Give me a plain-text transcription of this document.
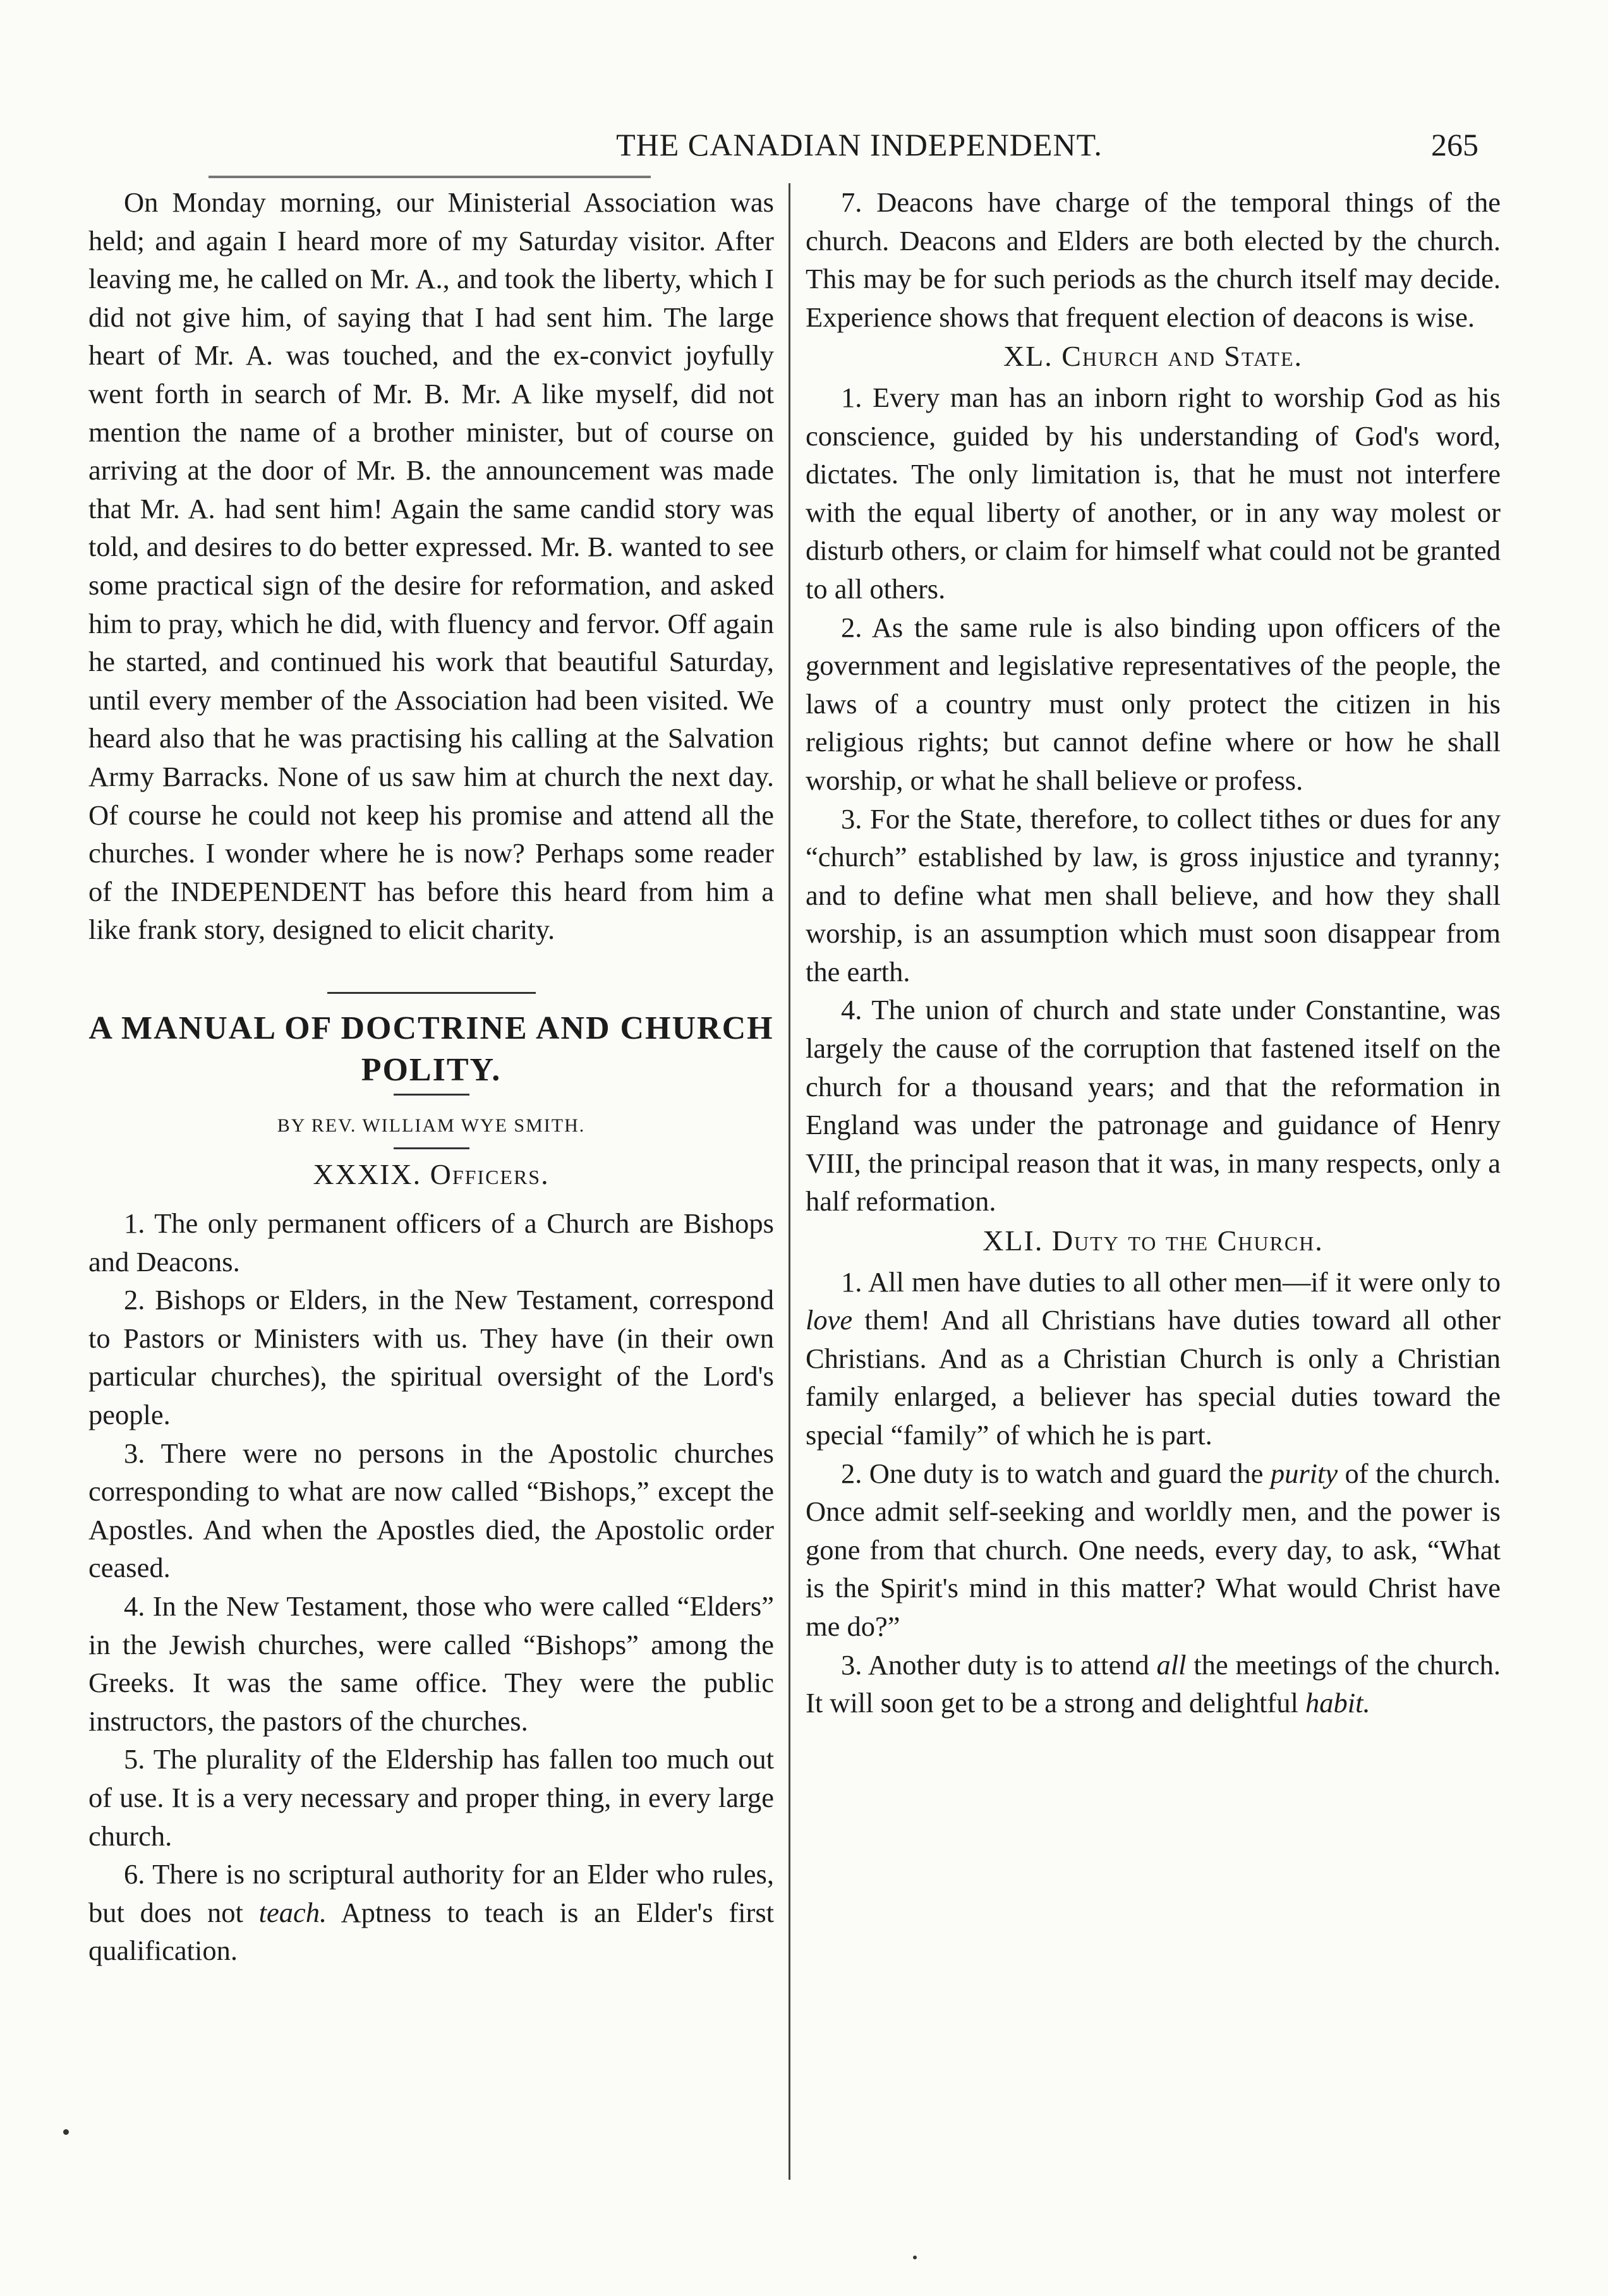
THE CANADIAN INDEPENDENT.	265

On Monday morning, our Ministerial Association was held; and again I heard more of my Saturday visitor. After leaving me, he called on Mr. A., and took the liberty, which I did not give him, of saying that I had sent him. The large heart of Mr. A. was touched, and the ex-convict joyfully went forth in search of Mr. B. Mr. A like myself, did not mention the name of a brother minister, but of course on arriving at the door of Mr. B. the announcement was made that Mr. A. had sent him! Again the same candid story was told, and desires to do better expressed. Mr. B. wanted to see some practical sign of the desire for reformation, and asked him to pray, which he did, with fluency and fervor. Off again he started, and continued his work that beautiful Saturday, until every member of the Association had been visited. We heard also that he was practising his calling at the Salvation Army Barracks. None of us saw him at church the next day. Of course he could not keep his promise and attend all the churches. I wonder where he is now? Perhaps some reader of the INDEPENDENT has before this heard from him a like frank story, designed to elicit charity.

A MANUAL OF DOCTRINE AND CHURCH POLITY.

BY REV. WILLIAM WYE SMITH.

XXXIX. Officers.

1. The only permanent officers of a Church are Bishops and Deacons.

2. Bishops or Elders, in the New Testament, correspond to Pastors or Ministers with us. They have (in their own particular churches), the spiritual oversight of the Lord's people.

3. There were no persons in the Apostolic churches corresponding to what are now called “Bishops,” except the Apostles. And when the Apostles died, the Apostolic order ceased.

4. In the New Testament, those who were called “Elders” in the Jewish churches, were called “Bishops” among the Greeks. It was the same office. They were the public instructors, the pastors of the churches.

5. The plurality of the Eldership has fallen too much out of use. It is a very necessary and proper thing, in every large church.

6. There is no scriptural authority for an Elder who rules, but does not teach. Aptness to teach is an Elder's first qualification.

7. Deacons have charge of the temporal things of the church. Deacons and Elders are both elected by the church. This may be for such periods as the church itself may decide. Experience shows that frequent election of deacons is wise.

XL. Church and State.

1. Every man has an inborn right to worship God as his conscience, guided by his understanding of God's word, dictates. The only limitation is, that he must not interfere with the equal liberty of another, or in any way molest or disturb others, or claim for himself what could not be granted to all others.

2. As the same rule is also binding upon officers of the government and legislative representatives of the people, the laws of a country must only protect the citizen in his religious rights; but cannot define where or how he shall worship, or what he shall believe or profess.

3. For the State, therefore, to collect tithes or dues for any “church” established by law, is gross injustice and tyranny; and to define what men shall believe, and how they shall worship, is an assumption which must soon disappear from the earth.

4. The union of church and state under Constantine, was largely the cause of the corruption that fastened itself on the church for a thousand years; and that the reformation in England was under the patronage and guidance of Henry VIII, the principal reason that it was, in many respects, only a half reformation.

XLI. Duty to the Church.

1. All men have duties to all other men—if it were only to love them! And all Christians have duties toward all other Christians. And as a Christian Church is only a Christian family enlarged, a believer has special duties toward the special “family” of which he is part.

2. One duty is to watch and guard the purity of the church. Once admit self-seeking and worldly men, and the power is gone from that church. One needs, every day, to ask, “What is the Spirit's mind in this matter? What would Christ have me do?”

3. Another duty is to attend all the meetings of the church. It will soon get to be a strong and delightful habit.
